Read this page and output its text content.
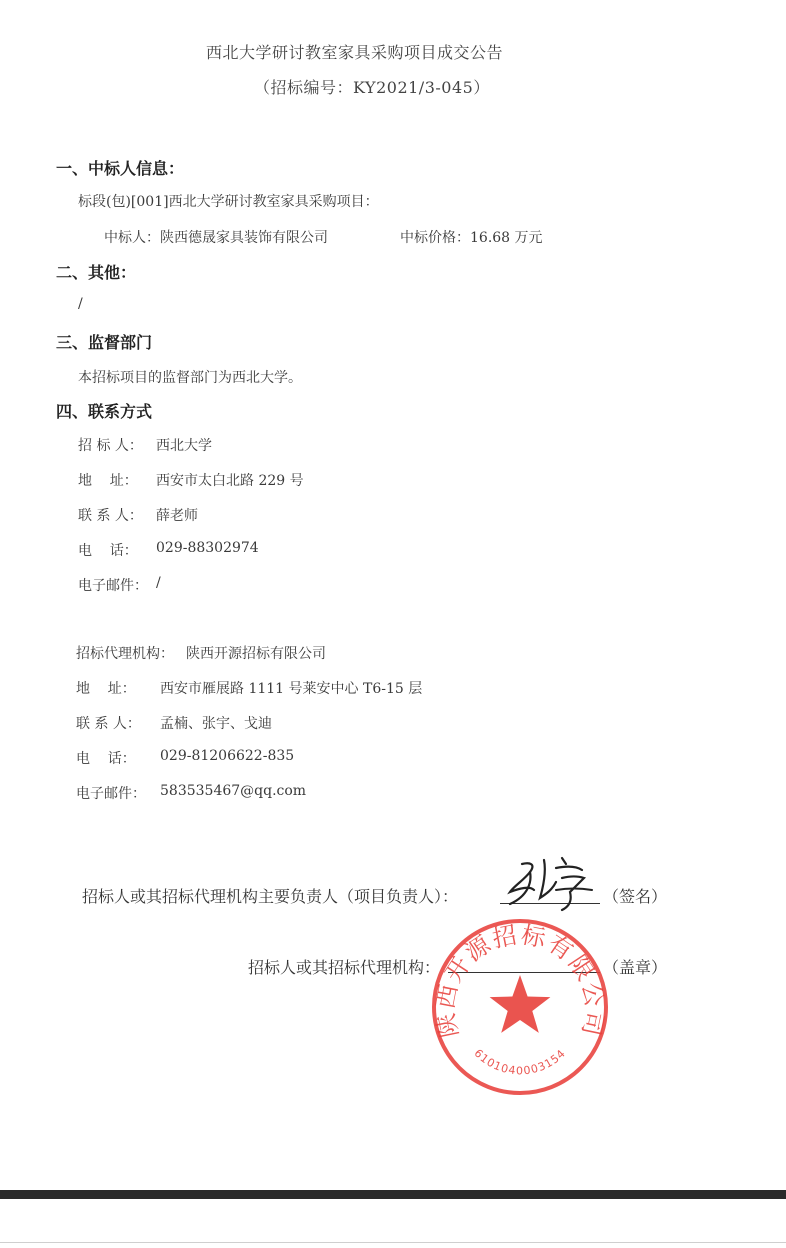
西北大学研讨教室家具采购项目成交公告
（招标编号：KY2021/3-045）
一、中标人信息：
标段(包)[001]西北大学研讨教室家具采购项目：
中标人：陕西德晟家具装饰有限公司	中标价格：16.68 万元
二、其他：
/
三、监督部门
本招标项目的监督部门为西北大学。
四、联系方式
招 标 人： 西北大学
地    址： 西安市太白北路 229 号
联 系 人： 薛老师
电    话： 029-88302974
电子邮件： /
招标代理机构： 陕西开源招标有限公司
地    址： 西安市雁展路 1111 号莱安中心 T6-15 层
联 系 人： 孟楠、张宇、戈迪
电    话： 029-81206622-835
电子邮件： 583535467@qq.com
招标人或其招标代理机构主要负责人（项目负责人）：	（签名）
招标人或其招标代理机构：	（盖章）
陕西开源招标有限公司
6101040003154
